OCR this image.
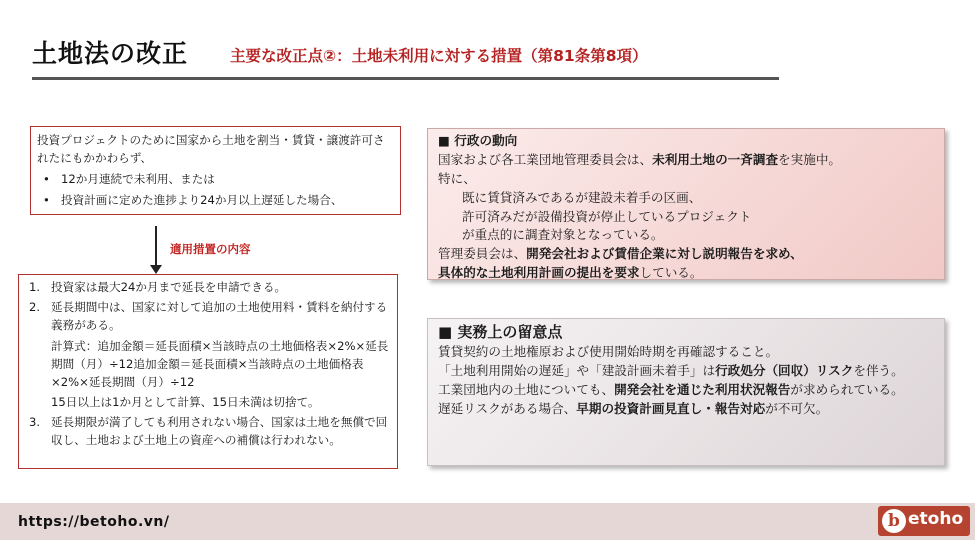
土地法の改正	主要な改正点②：土地未利用に対する措置（第81条第8項）
投資プロジェクトのために国家から土地を割当・賃貸・譲渡許可されたにもかかわらず、
• 12か月連続で未利用、または
• 投資計画に定めた進捗より24か月以上遅延した場合、
適用措置の内容
1. 投資家は最大24か月まで延長を申請できる。
2. 延長期間中は、国家に対して追加の土地使用料・賃料を納付する義務がある。
計算式：追加金額＝延長面積×当該時点の土地価格表×2%×延長期間（月）÷12追加金額＝延長面積×当該時点の土地価格表×2%×延長期間（月）÷12
15日以上は1か月として計算、15日未満は切捨て。
3. 延長期限が満了しても利用されない場合、国家は土地を無償で回収し、土地および土地上の資産への補償は行われない。
■ 行政の動向
国家および各工業団地管理委員会は、未利用土地の一斉調査を実施中。
特に、
既に賃貸済みであるが建設未着手の区画、
許可済みだが設備投資が停止しているプロジェクト
が重点的に調査対象となっている。
管理委員会は、開発会社および賃借企業に対し説明報告を求め、
具体的な土地利用計画の提出を要求している。
■ 実務上の留意点
賃貸契約の土地権原および使用開始時期を再確認すること。
「土地利用開始の遅延」や「建設計画未着手」は行政処分（回収）リスクを伴う。
工業団地内の土地についても、開発会社を通じた利用状況報告が求められている。
遅延リスクがある場合、早期の投資計画見直し・報告対応が不可欠。
https://betoho.vn/	b etoho
